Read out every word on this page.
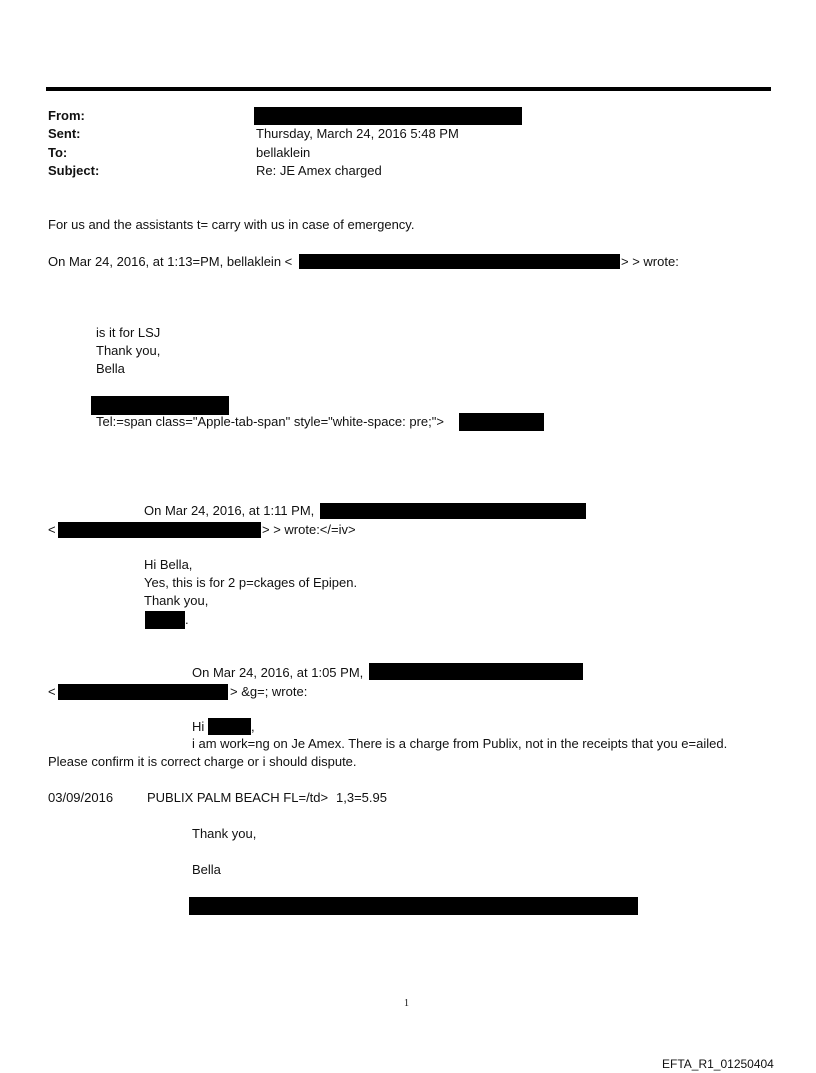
From:
Sent:	Thursday, March 24, 2016 5:48 PM
To:	bellaklein
Subject:	Re: JE Amex charged
For us and the assistants t= carry with us in case of emergency.
On Mar 24, 2016, at 1:13=PM, bellaklein <	> > wrote:
is it for LSJ
Thank you,
Bella
Tel:=span class="Apple-tab-span" style="white-space: pre;">
On Mar 24, 2016, at 1:11 PM,
<	> > wrote:</=iv>
Hi Bella,
Yes, this is for 2 p=ckages of Epipen.
Thank you,
.
On Mar 24, 2016, at 1:05 PM,
<	> &g=; wrote:
Hi	,
i am work=ng on Je Amex. There is a charge from Publix, not in the receipts that you e=ailed.
Please confirm it is correct charge or i should dispute.
03/09/2016	PUBLIX PALM BEACH FL=/td> 1,3=5.95
Thank you,
Bella
1
EFTA_R1_01250404
